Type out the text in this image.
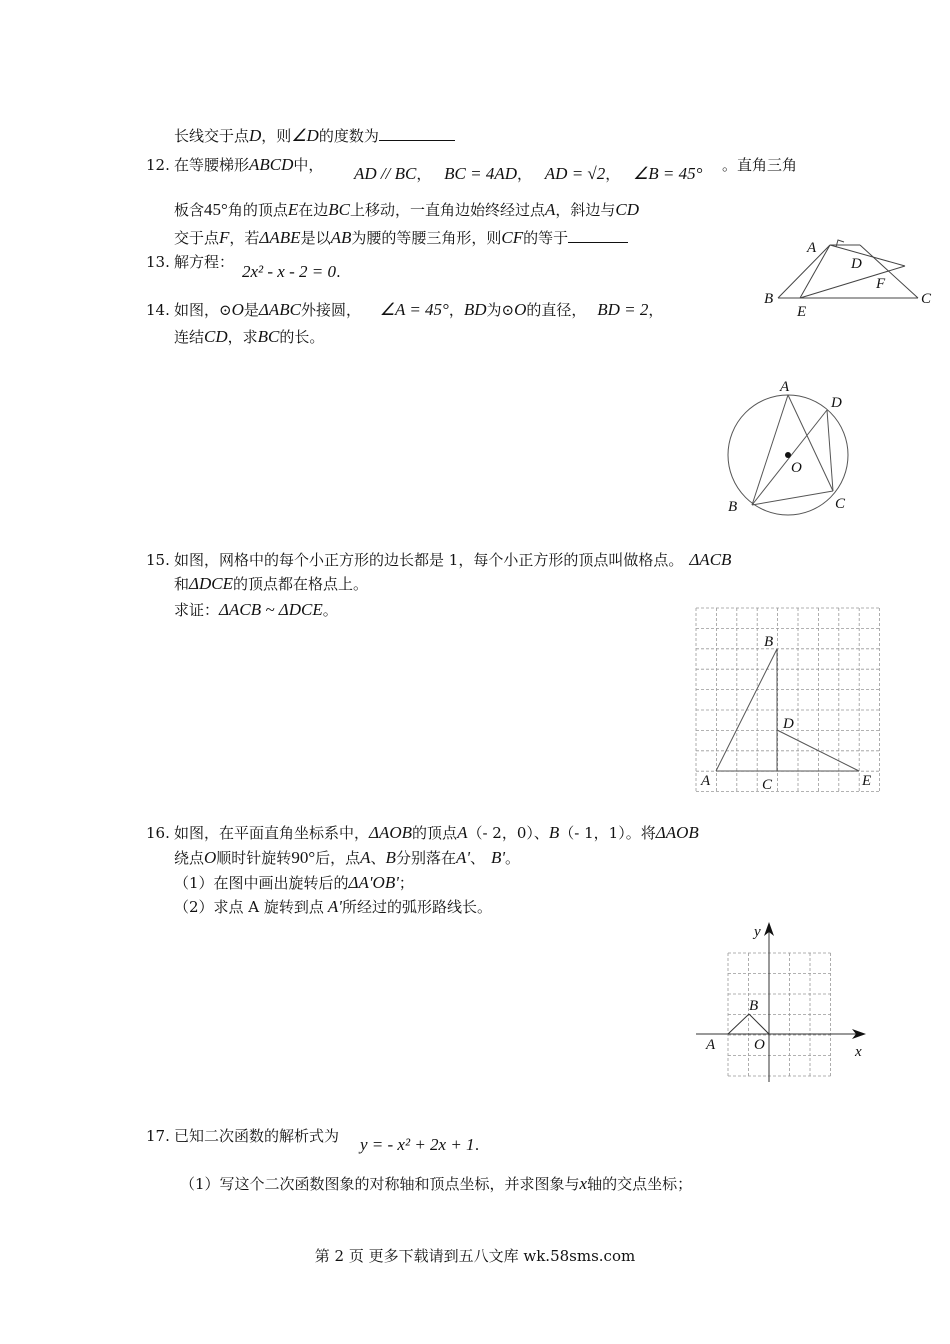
长线交于点D，则∠D的度数为
12. 在等腰梯形ABCD中， AD // BC， BC = 4AD， AD = √2， ∠B = 45° 。直角三角
板含45°角的顶点E在边BC上移动，一直角边始终经过点A，斜边与CD
交于点F，若ΔABE是以AB为腰的等腰三角形，则CF的等于
A
B	C
D
E
F
13. 解方程： 2x² - x - 2 = 0.
14. 如图，⊙O是ΔABC外接圆， ∠A = 45°，BD为⊙O的直径， BD = 2，
连结CD，求BC的长。
A
B	C
D
O
15. 如图，网格中的每个小正方形的边长都是 1，每个小正方形的顶点叫做格点。 ΔACB
和ΔDCE的顶点都在格点上。
求证：ΔACB ~ ΔDCE。
A
B
C
D
E
16. 如图，在平面直角坐标系中，ΔAOB的顶点A（- 2，0）、B（- 1，1）。将ΔAOB
绕点O顺时针旋转90°后，点A、B分别落在A'、 B'。
（1）在图中画出旋转后的ΔA'OB'；
（2）求点 A 旋转到点 A'所经过的弧形路线长。
y
x
A
B
O
17. 已知二次函数的解析式为 y = - x² + 2x + 1.
（1）写这个二次函数图象的对称轴和顶点坐标，并求图象与x轴的交点坐标；
第 2 页 更多下载请到五八文库 wk.58sms.com
